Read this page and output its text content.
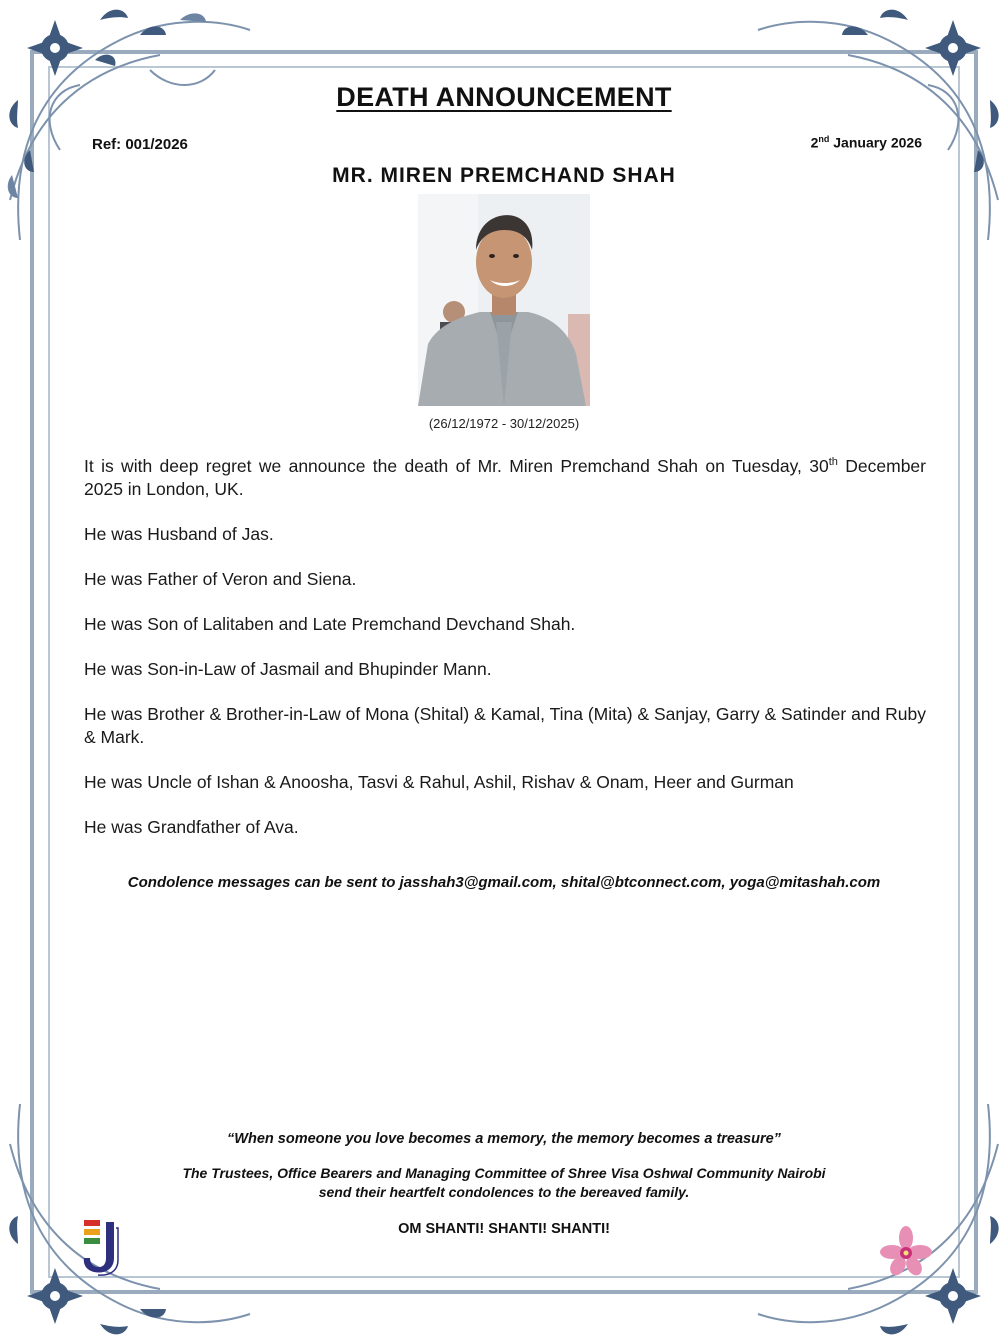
DEATH ANNOUNCEMENT
Ref: 001/2026	2nd January 2026
MR. MIREN PREMCHAND SHAH
(26/12/1972 - 30/12/2025)

It is with deep regret we announce the death of Mr. Miren Premchand Shah on Tuesday, 30th December 2025 in London, UK.

He was Husband of Jas.

He was Father of Veron and Siena.

He was Son of Lalitaben and Late Premchand Devchand Shah.

He was Son-in-Law of Jasmail and Bhupinder Mann.

He was Brother & Brother-in-Law of Mona (Shital) & Kamal, Tina (Mita) & Sanjay, Garry & Satinder and Ruby & Mark.

He was Uncle of Ishan & Anoosha, Tasvi & Rahul, Ashil, Rishav & Onam, Heer and Gurman

He was Grandfather of Ava.

Condolence messages can be sent to jasshah3@gmail.com, shital@btconnect.com, yoga@mitashah.com
“When someone you love becomes a memory, the memory becomes a treasure”
The Trustees, Office Bearers and Managing Committee of Shree Visa Oshwal Community Nairobi
send their heartfelt condolences to the bereaved family.
OM SHANTI! SHANTI! SHANTI!
